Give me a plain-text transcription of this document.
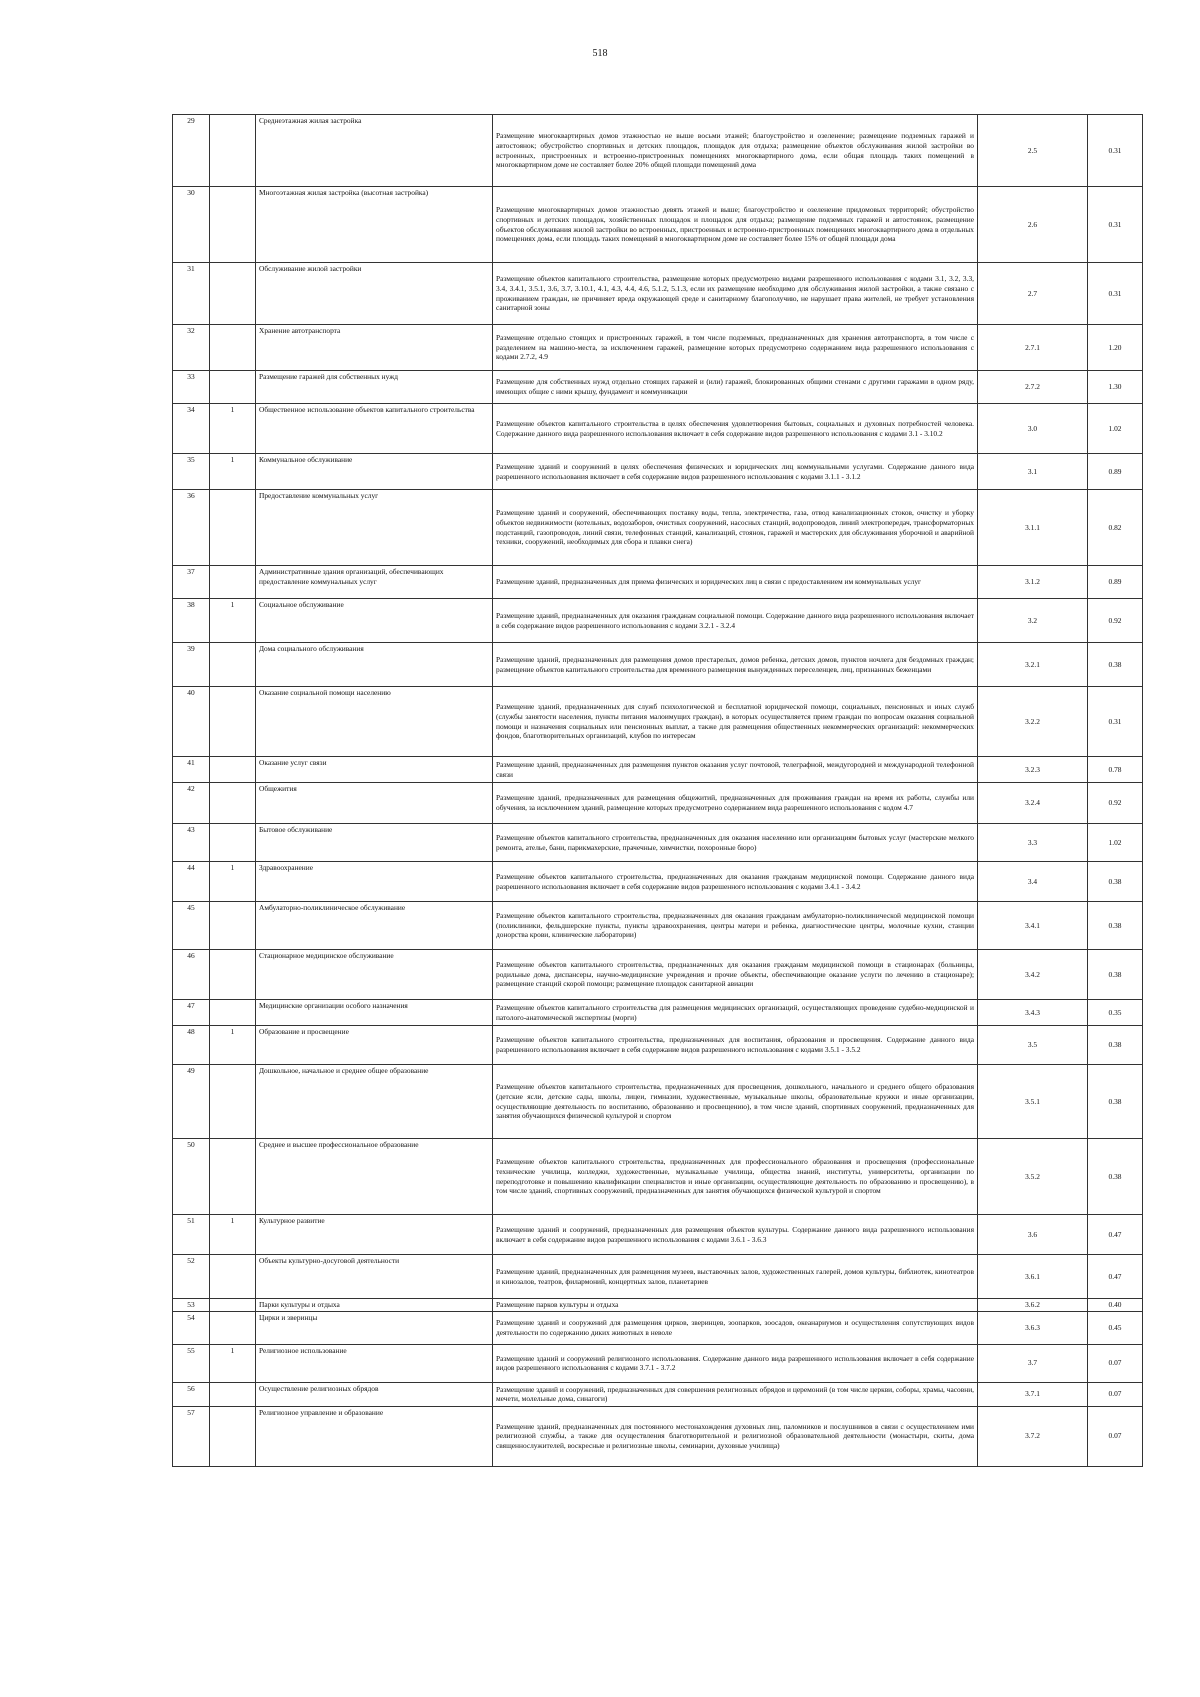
518
29		Среднеэтажная жилая застройка	Размещение многоквартирных домов этажностью не выше восьми этажей; благоустройство и озеленение; размещение подземных гаражей и автостоянок; обустройство спортивных и детских площадок, площадок для отдыха; размещение объектов обслуживания жилой застройки во встроенных, пристроенных и встроенно-пристроенных помещениях многоквартирного дома, если общая площадь таких помещений в многоквартирном доме не составляет более 20% общей площади помещений дома	2.5	0.31
30		Многоэтажная жилая застройка (высотная застройка)	Размещение многоквартирных домов этажностью девять этажей и выше; благоустройство и озеленение придомовых территорий; обустройство спортивных и детских площадок, хозяйственных площадок и площадок для отдыха; размещение подземных гаражей и автостоянок, размещение объектов обслуживания жилой застройки во встроенных, пристроенных и встроенно-пристроенных помещениях многоквартирного дома в отдельных помещениях дома, если площадь таких помещений в многоквартирном доме не составляет более 15% от общей площади дома	2.6	0.31
31		Обслуживание жилой застройки	Размещение объектов капитального строительства, размещение которых предусмотрено видами разрешенного использования с кодами 3.1, 3.2, 3.3, 3.4, 3.4.1, 3.5.1, 3.6, 3.7, 3.10.1, 4.1, 4.3, 4.4, 4.6, 5.1.2, 5.1.3, если их размещение необходимо для обслуживания жилой застройки, а также связано с проживанием граждан, не причиняет вреда окружающей среде и санитарному благополучию, не нарушает права жителей, не требует установления санитарной зоны	2.7	0.31
32		Хранение автотранспорта	Размещение отдельно стоящих и пристроенных гаражей, в том числе подземных, предназначенных для хранения автотранспорта, в том числе с разделением на машино-места, за исключением гаражей, размещение которых предусмотрено содержанием вида разрешенного использования с кодами 2.7.2, 4.9	2.7.1	1.20
33		Размещение гаражей для собственных нужд	Размещение для собственных нужд отдельно стоящих гаражей и (или) гаражей, блокированных общими стенами с другими гаражами в одном ряду, имеющих общие с ними крышу, фундамент и коммуникации	2.7.2	1.30
34	1	Общественное использование объектов капитального строительства	Размещение объектов капитального строительства в целях обеспечения удовлетворения бытовых, социальных и духовных потребностей человека. Содержание данного вида разрешенного использования включает в себя содержание видов разрешенного использования с кодами 3.1 - 3.10.2	3.0	1.02
35	1	Коммунальное обслуживание	Размещение зданий и сооружений в целях обеспечения физических и юридических лиц коммунальными услугами. Содержание данного вида разрешенного использования включает в себя содержание видов разрешенного использования с кодами 3.1.1 - 3.1.2	3.1	0.89
36		Предоставление коммунальных услуг	Размещение зданий и сооружений, обеспечивающих поставку воды, тепла, электричества, газа, отвод канализационных стоков, очистку и уборку объектов недвижимости (котельных, водозаборов, очистных сооружений, насосных станций, водопроводов, линий электропередач, трансформаторных подстанций, газопроводов, линий связи, телефонных станций, канализаций, стоянок, гаражей и мастерских для обслуживания уборочной и аварийной техники, сооружений, необходимых для сбора и плавки снега)	3.1.1	0.82
37		Административные здания организаций, обеспечивающих предоставление коммунальных услуг	Размещение зданий, предназначенных для приема физических и юридических лиц в связи с предоставлением им коммунальных услуг	3.1.2	0.89
38	1	Социальное обслуживание	Размещение зданий, предназначенных для оказания гражданам социальной помощи. Содержание данного вида разрешенного использования включает в себя содержание видов разрешенного использования с кодами 3.2.1 - 3.2.4	3.2	0.92
39		Дома социального обслуживания	Размещение зданий, предназначенных для размещения домов престарелых, домов ребенка, детских домов, пунктов ночлега для бездомных граждан; размещение объектов капитального строительства для временного размещения вынужденных переселенцев, лиц, признанных беженцами	3.2.1	0.38
40		Оказание социальной помощи населению	Размещение зданий, предназначенных для служб психологической и бесплатной юридической помощи, социальных, пенсионных и иных служб (службы занятости населения, пункты питания малоимущих граждан), в которых осуществляется прием граждан по вопросам оказания социальной помощи и назначения социальных или пенсионных выплат, а также для размещения общественных некоммерческих организаций: некоммерческих фондов, благотворительных организаций, клубов по интересам	3.2.2	0.31
41		Оказание услуг связи	Размещение зданий, предназначенных для размещения пунктов оказания услуг почтовой, телеграфной, междугородней и международной телефонной связи	3.2.3	0.78
42		Общежития	Размещение зданий, предназначенных для размещения общежитий, предназначенных для проживания граждан на время их работы, службы или обучения, за исключением зданий, размещение которых предусмотрено содержанием вида разрешенного использования с кодом 4.7	3.2.4	0.92
43		Бытовое обслуживание	Размещение объектов капитального строительства, предназначенных для оказания населению или организациям бытовых услуг (мастерские мелкого ремонта, ателье, бани, парикмахерские, прачечные, химчистки, похоронные бюро)	3.3	1.02
44	1	Здравоохранение	Размещение объектов капитального строительства, предназначенных для оказания гражданам медицинской помощи. Содержание данного вида разрешенного использования включает в себя содержание видов разрешенного использования с кодами 3.4.1 - 3.4.2	3.4	0.38
45		Амбулаторно-поликлиническое обслуживание	Размещение объектов капитального строительства, предназначенных для оказания гражданам амбулаторно-поликлинической медицинской помощи (поликлиники, фельдшерские пункты, пункты здравоохранения, центры матери и ребенка, диагностические центры, молочные кухни, станции донорства крови, клинические лаборатории)	3.4.1	0.38
46		Стационарное медицинское обслуживание	Размещение объектов капитального строительства, предназначенных для оказания гражданам медицинской помощи в стационарах (больницы, родильные дома, диспансеры, научно-медицинские учреждения и прочие объекты, обеспечивающие оказание услуги по лечению в стационаре); размещение станций скорой помощи; размещение площадок санитарной авиации	3.4.2	0.38
47		Медицинские организации особого назначения	Размещение объектов капитального строительства для размещения медицинских организаций, осуществляющих проведение судебно-медицинской и патолого-анатомической экспертизы (морги)	3.4.3	0.35
48	1	Образование и просвещение	Размещение объектов капитального строительства, предназначенных для воспитания, образования и просвещения. Содержание данного вида разрешенного использования включает в себя содержание видов разрешенного использования с кодами 3.5.1 - 3.5.2	3.5	0.38
49		Дошкольное, начальное и среднее общее образование	Размещение объектов капитального строительства, предназначенных для просвещения, дошкольного, начального и среднего общего образования (детские ясли, детские сады, школы, лицеи, гимназии, художественные, музыкальные школы, образовательные кружки и иные организации, осуществляющие деятельность по воспитанию, образованию и просвещению), в том числе зданий, спортивных сооружений, предназначенных для занятия обучающихся физической культурой и спортом	3.5.1	0.38
50		Среднее и высшее профессиональное образование	Размещение объектов капитального строительства, предназначенных для профессионального образования и просвещения (профессиональные технические училища, колледжи, художественные, музыкальные училища, общества знаний, институты, университеты, организации по переподготовке и повышению квалификации специалистов и иные организации, осуществляющие деятельность по образованию и просвещению), в том числе зданий, спортивных сооружений, предназначенных для занятия обучающихся физической культурой и спортом	3.5.2	0.38
51	1	Культурное развитие	Размещение зданий и сооружений, предназначенных для размещения объектов культуры. Содержание данного вида разрешенного использования включает в себя содержание видов разрешенного использования с кодами 3.6.1 - 3.6.3	3.6	0.47
52		Объекты культурно-досуговой деятельности	Размещение зданий, предназначенных для размещения музеев, выставочных залов, художественных галерей, домов культуры, библиотек, кинотеатров и кинозалов, театров, филармоний, концертных залов, планетариев	3.6.1	0.47
53		Парки культуры и отдыха	Размещение парков культуры и отдыха	3.6.2	0.40
54		Цирки и зверинцы	Размещение зданий и сооружений для размещения цирков, зверинцев, зоопарков, зоосадов, океанариумов и осуществления сопутствующих видов деятельности по содержанию диких животных в неволе	3.6.3	0.45
55	1	Религиозное использование	Размещение зданий и сооружений религиозного использования. Содержание данного вида разрешенного использования включает в себя содержание видов разрешенного использования с кодами 3.7.1 - 3.7.2	3.7	0.07
56		Осуществление религиозных обрядов	Размещение зданий и сооружений, предназначенных для совершения религиозных обрядов и церемоний (в том числе церкви, соборы, храмы, часовни, мечети, молельные дома, синагоги)	3.7.1	0.07
57		Религиозное управление и образование	Размещение зданий, предназначенных для постоянного местонахождения духовных лиц, паломников и послушников в связи с осуществлением ими религиозной службы, а также для осуществления благотворительной и религиозной образовательной деятельности (монастыри, скиты, дома священнослужителей, воскресные и религиозные школы, семинарии, духовные училища)	3.7.2	0.07
